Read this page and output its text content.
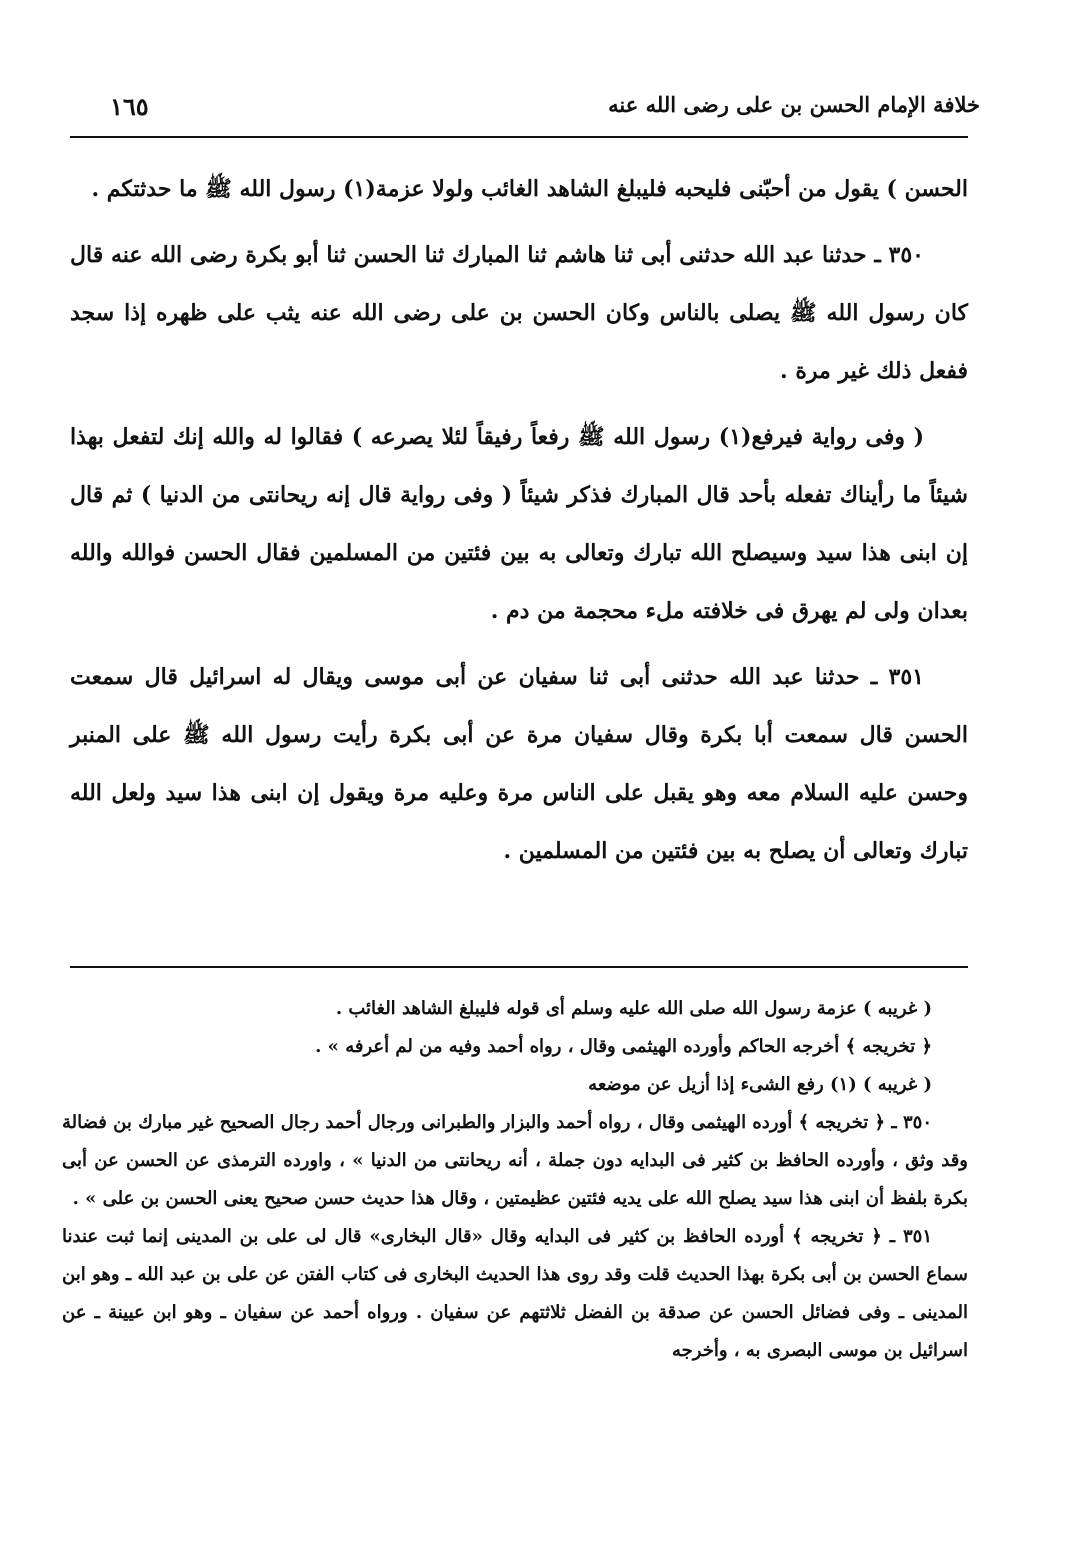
خلافة الإمام الحسن بن على رضى الله عنه
١٦٥

الحسن ) يقول من أحبّنى فليحبه فليبلغ الشاهد الغائب ولولا عزمة(١) رسول الله ﷺ ما حدثتكم .

٣٥٠ ـ حدثنا عبد الله حدثنى أبى ثنا هاشم ثنا المبارك ثنا الحسن ثنا أبو بكرة رضى الله عنه قال كان رسول الله ﷺ يصلى بالناس وكان الحسن بن على رضى الله عنه يثب على ظهره إذا سجد ففعل ذلك غير مرة .

( وفى رواية فيرفع(١) رسول الله ﷺ رفعاً رفيقاً لئلا يصرعه ) فقالوا له والله إنك لتفعل بهذا شيئاً ما رأيناك تفعله بأحد قال المبارك فذكر شيئاً ( وفى رواية قال إنه ريحانتى من الدنيا ) ثم قال إن ابنى هذا سيد وسيصلح الله تبارك وتعالى به بين فئتين من المسلمين فقال الحسن فوالله والله بعدان ولى لم يهرق فى خلافته ملء محجمة من دم .

٣٥١ ـ حدثنا عبد الله حدثنى أبى ثنا سفيان عن أبى موسى ويقال له اسرائيل قال سمعت الحسن قال سمعت أبا بكرة وقال سفيان مرة عن أبى بكرة رأيت رسول الله ﷺ على المنبر وحسن عليه السلام معه وهو يقبل على الناس مرة وعليه مرة ويقول إن ابنى هذا سيد ولعل الله تبارك وتعالى أن يصلح به بين فئتين من المسلمين .

( غريبه ) عزمة رسول الله صلى الله عليه وسلم أى قوله فليبلغ الشاهد الغائب .

﴿ تخريجه ﴾ أخرجه الحاكم وأورده الهيثمى وقال ، رواه أحمد وفيه من لم أعرفه » .

( غريبه ) (١) رفع الشىء إذا أزيل عن موضعه

٣٥٠ ـ ﴿ تخريجه ﴾ أورده الهيثمى وقال ، رواه أحمد والبزار والطبرانى ورجال أحمد رجال الصحيح غير مبارك بن فضالة وقد وثق ، وأورده الحافظ بن كثير فى البدايه دون جملة ، أنه ريحانتى من الدنيا » ، واورده الترمذى عن الحسن عن أبى بكرة بلفظ أن ابنى هذا سيد يصلح الله على يديه فئتين عظيمتين ، وقال هذا حديث حسن صحيح يعنى الحسن بن على » .

٣٥١ ـ ﴿ تخريجه ﴾ أورده الحافظ بن كثير فى البدايه وقال «قال البخارى» قال لى على بن المدينى إنما ثبت عندنا سماع الحسن بن أبى بكرة بهذا الحديث قلت وقد روى هذا الحديث البخارى فى كتاب الفتن عن على بن عبد الله ـ وهو ابن المدينى ـ وفى فضائل الحسن عن صدقة بن الفضل ثلاثتهم عن سفيان . ورواه أحمد عن سفيان ـ وهو ابن عيينة ـ عن اسرائيل بن موسى البصرى به ، وأخرجه
